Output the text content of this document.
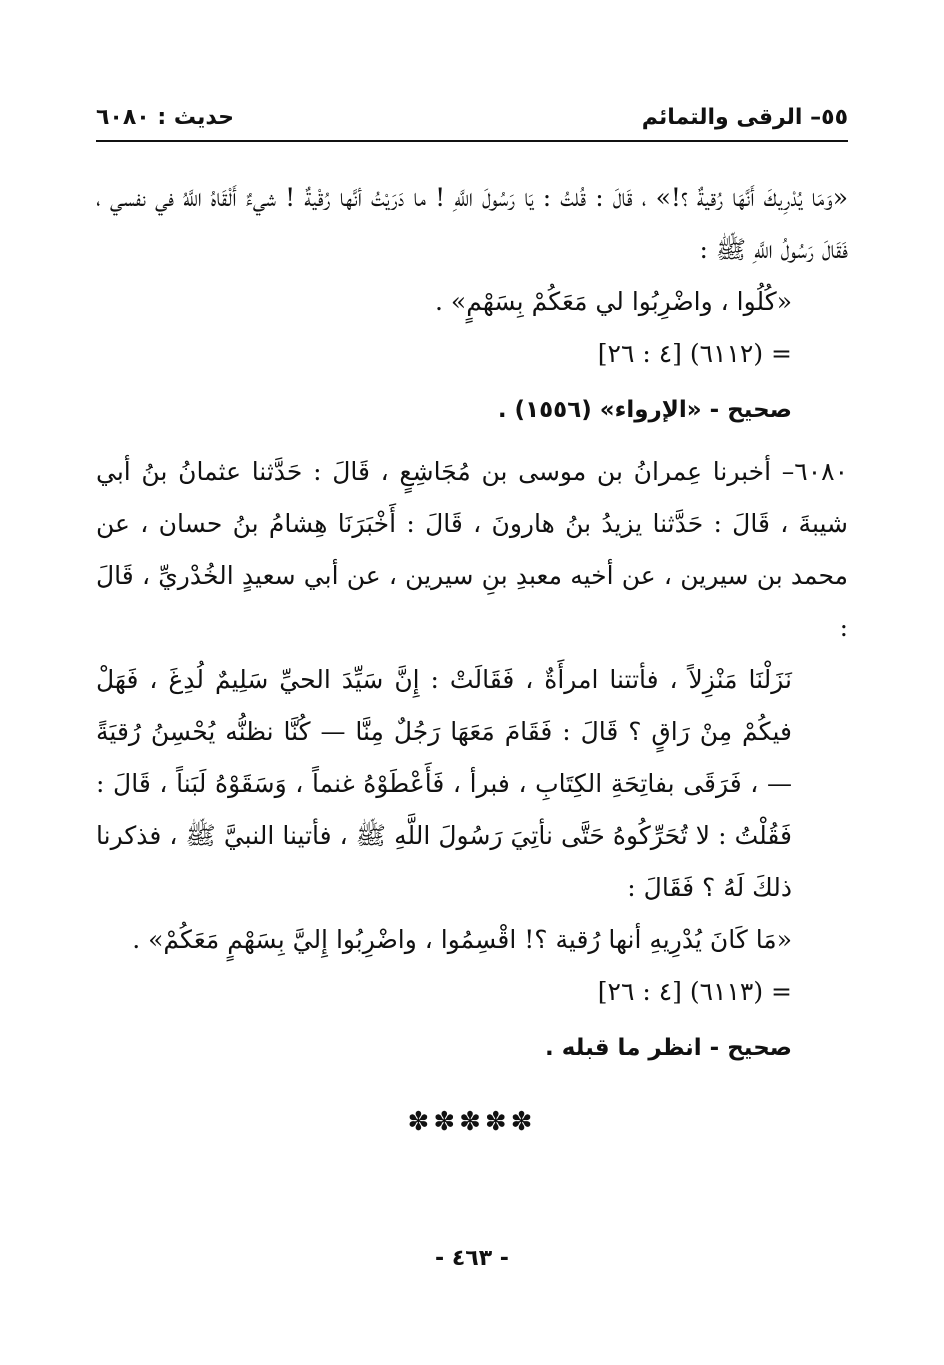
٥٥– الرقى والتمائم
حديث : ٦٠٨٠

«وَمَا يُدْرِيكَ أَنَّهَا رُقيةٌ ؟!» ، قَالَ : قُلتُ : يَا رَسُولَ اللَّهِ ! ما دَرَيْتُ أنَّها رُقْيةٌ ! شيءٌ أَلْقَاهُ اللَّهُ في نفسي ، فَقَالَ رَسُولُ اللَّهِ ﷺ :

«كُلُوا ، واضْرِبُوا لي مَعَكُمْ بِسَهْمٍ» .

= (٦١١٢) [٤ : ٢٦]

صحيح - «الإرواء» (١٥٥٦) .

٦٠٨٠– أخبرنا عِمرانُ بن موسى بن مُجَاشِعٍ ، قَالَ : حَدَّثنا عثمانُ بنُ أبي شيبةَ ، قَالَ : حَدَّثنا يزيدُ بنُ هارونَ ، قَالَ : أَخْبَرَنَا هِشامُ بنُ حسان ، عن محمد بن سيرين ، عن أخيه معبدِ بنِ سيرين ، عن أبي سعيدٍ الخُدْريِّ ، قَالَ :

نَزَلْنَا مَنْزِلاً ، فأتتنا امرأَةٌ ، فَقَالَتْ : إِنَّ سَيِّدَ الحيِّ سَلِيمٌ لُدِغَ ، فَهَلْ فيكُمْ مِنْ رَاقٍ ؟ قَالَ : فَقَامَ مَعَهَا رَجُلٌ مِنَّا — كُنَّا نظنُّه يُحْسِنُ رُقيَةً — ، فَرَقَى بفاتِحَةِ الكِتَابِ ، فبرأ ، فَأَعْطَوْهُ غنماً ، وَسَقَوْهُ لَبَناً ، قَالَ : فَقُلْتُ : لا تُحَرِّكُوهُ حَتَّى نأتِيَ رَسُولَ اللَّهِ ﷺ ، فأتينا النبيَّ ﷺ ، فذكرنا ذلكَ لَهُ ؟ فَقَالَ :

«مَا كَانَ يُدْرِيهِ أنها رُقية ؟! اقْسِمُوا ، واضْرِبُوا إِليَّ بِسَهْمٍ مَعَكُمْ» .

= (٦١١٣) [٤ : ٢٦]

صحيح - انظر ما قبله .

✽✽✽✽✽
- ٤٦٣ -
